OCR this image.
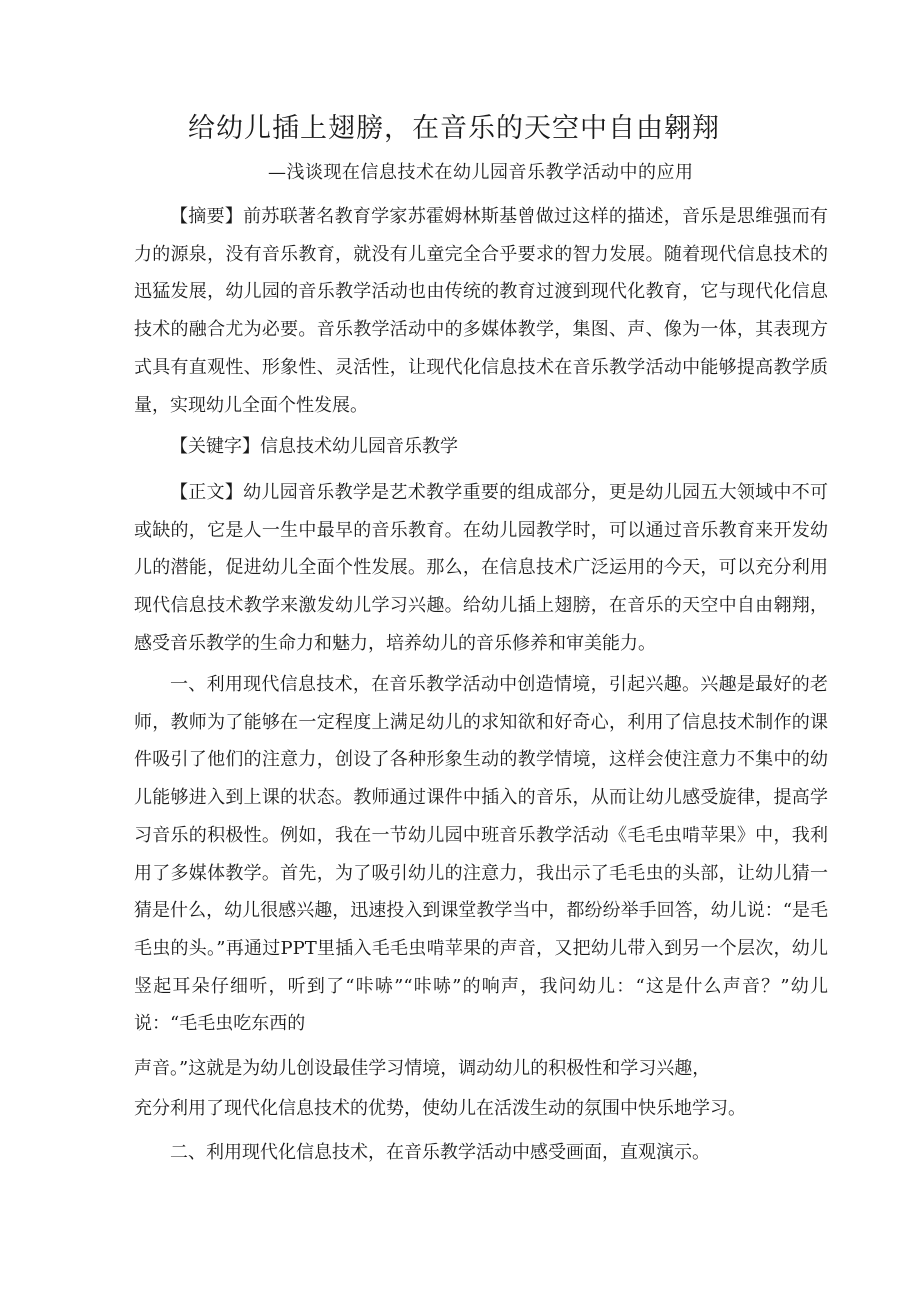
给幼儿插上翅膀，在音乐的天空中自由翱翔
—浅谈现在信息技术在幼儿园音乐教学活动中的应用

【摘要】前苏联著名教育学家苏霍姆林斯基曾做过这样的描述，音乐是思维强而有力的源泉，没有音乐教育，就没有儿童完全合乎要求的智力发展。随着现代信息技术的迅猛发展，幼儿园的音乐教学活动也由传统的教育过渡到现代化教育，它与现代化信息技术的融合尤为必要。音乐教学活动中的多媒体教学，集图、声、像为一体，其表现方式具有直观性、形象性、灵活性，让现代化信息技术在音乐教学活动中能够提高教学质量，实现幼儿全面个性发展。

【关键字】信息技术幼儿园音乐教学

【正文】幼儿园音乐教学是艺术教学重要的组成部分，更是幼儿园五大领域中不可或缺的，它是人一生中最早的音乐教育。在幼儿园教学时，可以通过音乐教育来开发幼儿的潜能，促进幼儿全面个性发展。那么，在信息技术广泛运用的今天，可以充分利用现代信息技术教学来激发幼儿学习兴趣。给幼儿插上翅膀，在音乐的天空中自由翱翔，感受音乐教学的生命力和魅力，培养幼儿的音乐修养和审美能力。

一、利用现代信息技术，在音乐教学活动中创造情境，引起兴趣。兴趣是最好的老师，教师为了能够在一定程度上满足幼儿的求知欲和好奇心，利用了信息技术制作的课件吸引了他们的注意力，创设了各种形象生动的教学情境，这样会使注意力不集中的幼儿能够进入到上课的状态。教师通过课件中插入的音乐，从而让幼儿感受旋律，提高学习音乐的积极性。例如，我在一节幼儿园中班音乐教学活动《毛毛虫啃苹果》中，我利用了多媒体教学。首先，为了吸引幼儿的注意力，我出示了毛毛虫的头部，让幼儿猜一猜是什么，幼儿很感兴趣，迅速投入到课堂教学当中，都纷纷举手回答，幼儿说：“是毛毛虫的头。”再通过PPT里插入毛毛虫啃苹果的声音，又把幼儿带入到另一个层次，幼儿竖起耳朵仔细听，听到了“咔哧”“咔哧”的响声，我问幼儿：“这是什么声音？”幼儿说：“毛毛虫吃东西的

声音。”这就是为幼儿创设最佳学习情境，调动幼儿的积极性和学习兴趣，
充分利用了现代化信息技术的优势，使幼儿在活泼生动的氛围中快乐地学习。
二、利用现代化信息技术，在音乐教学活动中感受画面，直观演示。
